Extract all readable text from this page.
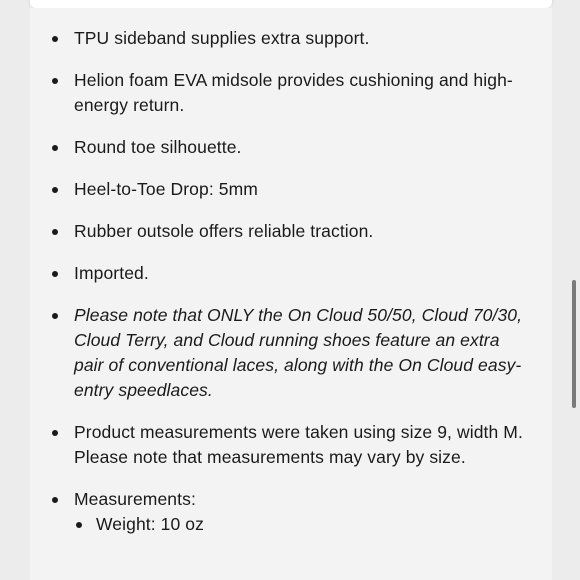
TPU sideband supplies extra support.
Helion foam EVA midsole provides cushioning and high-energy return.
Round toe silhouette.
Heel-to-Toe Drop: 5mm
Rubber outsole offers reliable traction.
Imported.
Please note that ONLY the On Cloud 50/50, Cloud 70/30, Cloud Terry, and Cloud running shoes feature an extra pair of conventional laces, along with the On Cloud easy-entry speedlaces.
Product measurements were taken using size 9, width M. Please note that measurements may vary by size.
Measurements:
Weight: 10 oz
